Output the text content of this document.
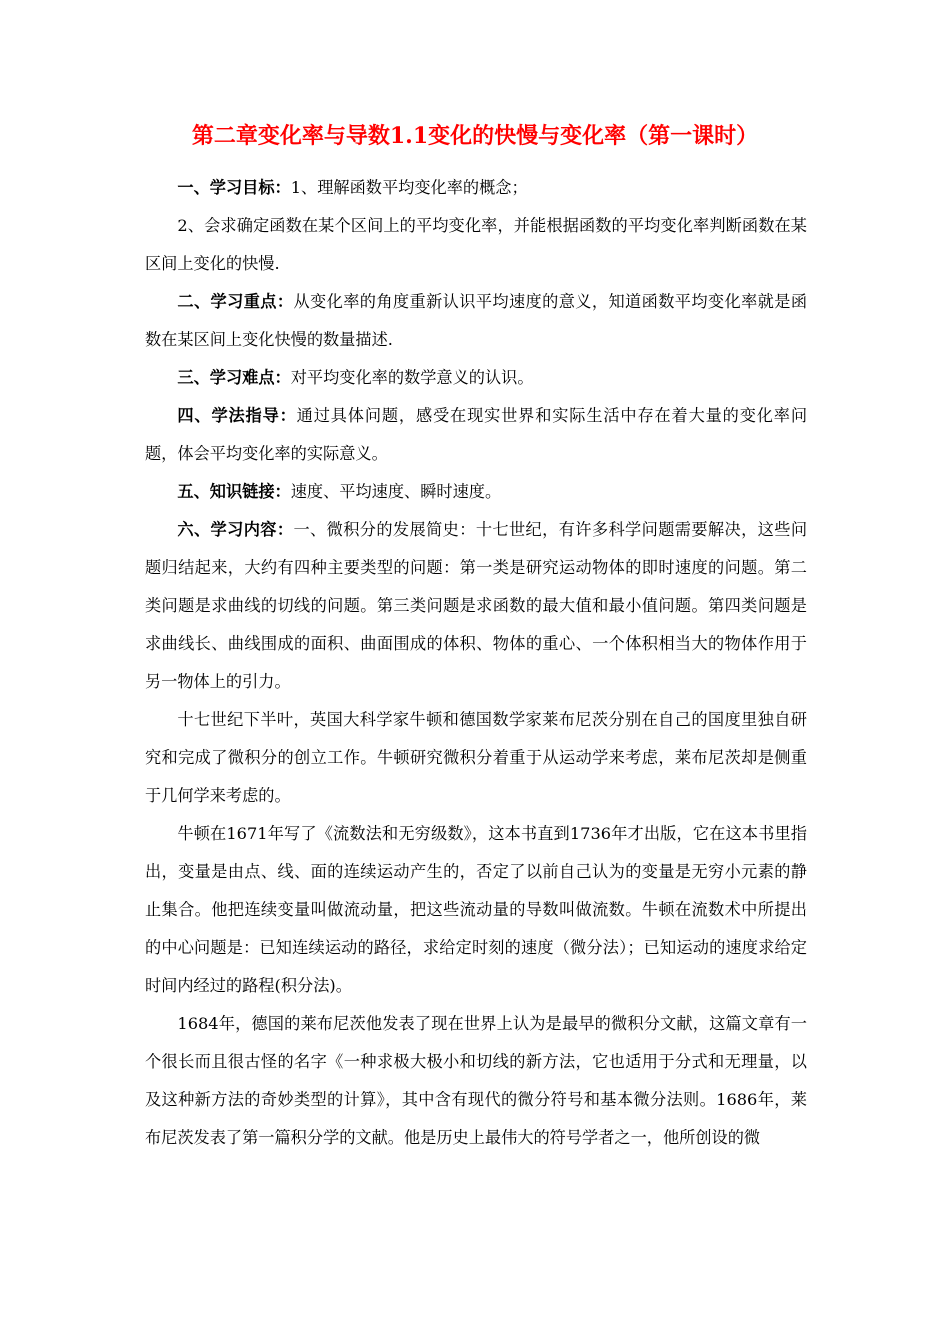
第二章变化率与导数1.1变化的快慢与变化率（第一课时）

一、学习目标：1、理解函数平均变化率的概念；

2、会求确定函数在某个区间上的平均变化率，并能根据函数的平均变化率判断函数在某区间上变化的快慢.

二、学习重点：从变化率的角度重新认识平均速度的意义，知道函数平均变化率就是函数在某区间上变化快慢的数量描述.

三、学习难点：对平均变化率的数学意义的认识。

四、学法指导：通过具体问题，感受在现实世界和实际生活中存在着大量的变化率问题，体会平均变化率的实际意义。

五、知识链接：速度、平均速度、瞬时速度。

六、学习内容：一、微积分的发展简史：十七世纪，有许多科学问题需要解决，这些问题归结起来，大约有四种主要类型的问题：第一类是研究运动物体的即时速度的问题。第二类问题是求曲线的切线的问题。第三类问题是求函数的最大值和最小值问题。第四类问题是求曲线长、曲线围成的面积、曲面围成的体积、物体的重心、一个体积相当大的物体作用于另一物体上的引力。

十七世纪下半叶，英国大科学家牛顿和德国数学家莱布尼茨分别在自己的国度里独自研究和完成了微积分的创立工作。牛顿研究微积分着重于从运动学来考虑，莱布尼茨却是侧重于几何学来考虑的。

牛顿在1671年写了《流数法和无穷级数》，这本书直到1736年才出版，它在这本书里指出，变量是由点、线、面的连续运动产生的，否定了以前自己认为的变量是无穷小元素的静止集合。他把连续变量叫做流动量，把这些流动量的导数叫做流数。牛顿在流数术中所提出的中心问题是：已知连续运动的路径，求给定时刻的速度（微分法）；已知运动的速度求给定时间内经过的路程(积分法)。

1684年，德国的莱布尼茨他发表了现在世界上认为是最早的微积分文献，这篇文章有一个很长而且很古怪的名字《一种求极大极小和切线的新方法，它也适用于分式和无理量，以及这种新方法的奇妙类型的计算》，其中含有现代的微分符号和基本微分法则。1686年，莱布尼茨发表了第一篇积分学的文献。他是历史上最伟大的符号学者之一，他所创设的微
